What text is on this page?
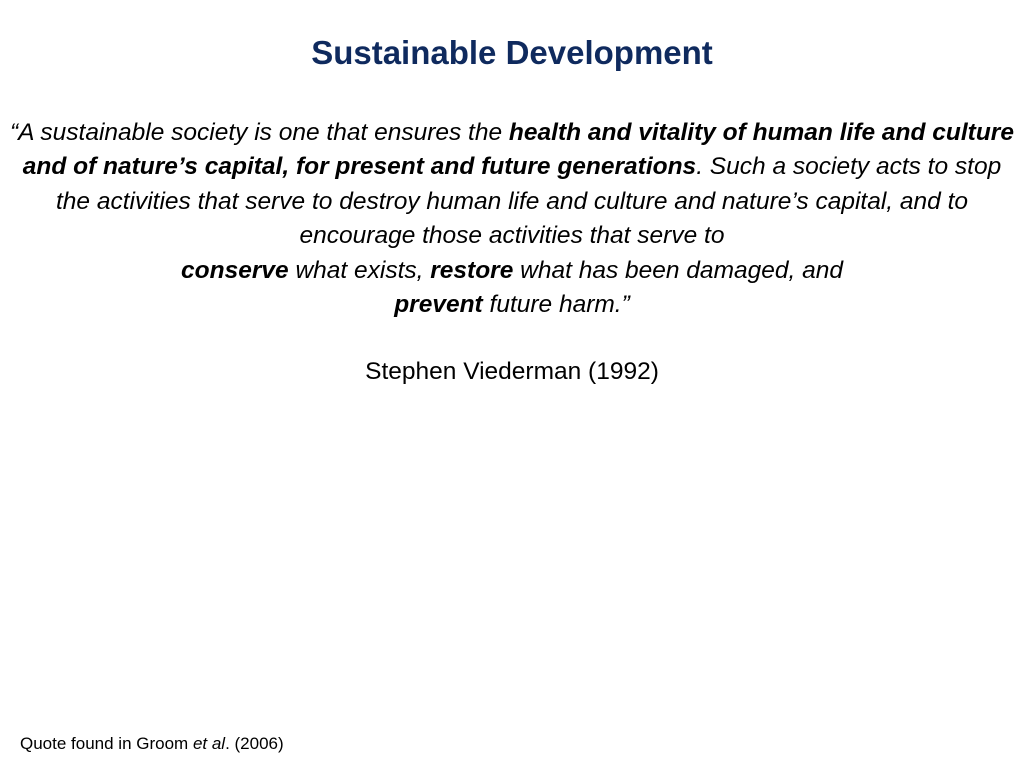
Sustainable Development
“A sustainable society is one that ensures the health and vitality of human life and culture and of nature’s capital, for present and future generations. Such a society acts to stop the activities that serve to destroy human life and culture and nature’s capital, and to encourage those activities that serve to
conserve what exists, restore what has been damaged, and
prevent future harm.”
Stephen Viederman (1992)
Quote found in Groom et al. (2006)
